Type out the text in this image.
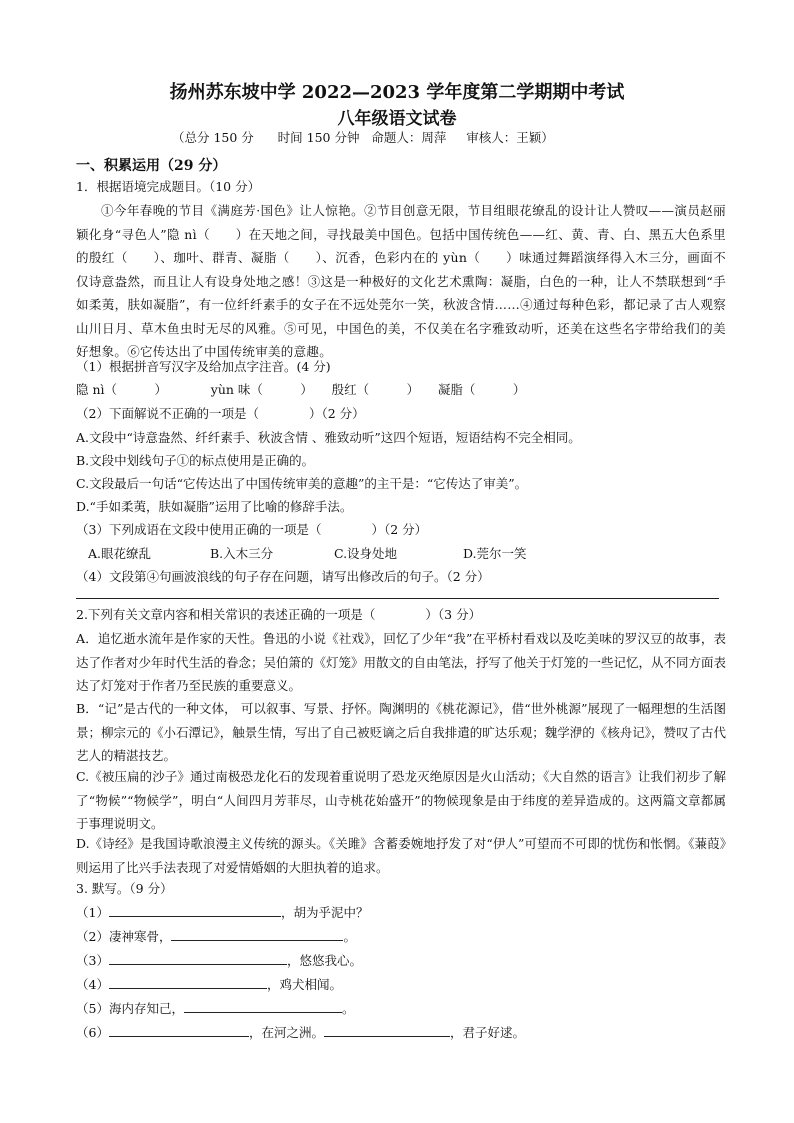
扬州苏东坡中学 2022—2023 学年度第二学期期中考试
八年级语文试卷
（总分 150 分      时间 150 分钟   命题人：周萍     审核人：王颖）
一、积累运用（29 分）
1．根据语境完成题目。（10 分）
①今年春晚的节目《满庭芳·国色》让人惊艳。②节目创意无限，节目组眼花缭乱的设计让人赞叹——演员赵丽颖化身“寻色人”隐 nì（　　）在天地之间，寻找最美中国色。包括中国传统色——红、黄、青、白、黑五大色系里的殷红（　　）、珈叶、群青、凝脂（　　）、沉香，色彩内在的 yùn（　　）味通过舞蹈演绎得入木三分，画面不仅诗意盎然，而且让人有设身处地之感！③这是一种极好的文化艺术熏陶：凝脂，白色的一种，让人不禁联想到“手如柔荑，肤如凝脂”，有一位纤纤素手的女子在不远处莞尔一笑，秋波含情……④通过每种色彩，都记录了古人观察山川日月、草木鱼虫时无尽的风雅。⑤可见，中国色的美，不仅美在名字雅致动听，还美在这些名字带给我们的美好想象。⑥它传达出了中国传统审美的意趣。
（1）根据拼音写汉字及给加点字注音。(4 分)
隐 nì（　　　）　　　　yùn 味（　　　）　　殷红（　　　）　　凝脂（　　　）
（2）下面解说不正确的一项是（　　　　）（2 分）
A.文段中“诗意盎然、纤纤素手、秋波含情 、雅致动听”这四个短语，短语结构不完全相同。
B.文段中划线句子①的标点使用是正确的。
C.文段最后一句话“它传达出了中国传统审美的意趣”的主干是：“它传达了审美”。
D.“手如柔荑，肤如凝脂”运用了比喻的修辞手法。
（3）下列成语在文段中使用正确的一项是（　　　　）（2 分）
A.眼花缭乱	B.入木三分	C.设身处地	D.莞尔一笑
（4）文段第④句画波浪线的句子存在问题，请写出修改后的句子。（2 分）
2.下列有关文章内容和相关常识的表述正确的一项是（　　　　）（3 分）
A．追忆逝水流年是作家的天性。鲁迅的小说《社戏》，回忆了少年“我”在平桥村看戏以及吃美味的罗汉豆的故事，表达了作者对少年时代生活的眷念；吴伯箫的《灯笼》用散文的自由笔法，抒写了他关于灯笼的一些记忆，从不同方面表达了灯笼对于作者乃至民族的重要意义。
B．“记”是古代的一种文体， 可以叙事、写景、抒怀。陶渊明的《桃花源记》，借“世外桃源”展现了一幅理想的生活图景；柳宗元的《小石潭记》，触景生情，写出了自己被贬谪之后自我排遣的旷达乐观；魏学洢的《核舟记》，赞叹了古代艺人的精湛技艺。
C.《被压扁的沙子》通过南极恐龙化石的发现着重说明了恐龙灭绝原因是火山活动；《大自然的语言》让我们初步了解了“物候”“物候学”，明白“人间四月芳菲尽，山寺桃花始盛开”的物候现象是由于纬度的差异造成的。这两篇文章都属于事理说明文。
D.《诗经》是我国诗歌浪漫主义传统的源头。《关雎》含蓄委婉地抒发了对“伊人”可望而不可即的忧伤和怅惘。《蒹葭》则运用了比兴手法表现了对爱情婚姻的大胆执着的追求。
3. 默写。（9 分）
（1）	，胡为乎泥中？
（2）凄神寒骨，	。
（3）	，悠悠我心。
（4）	，鸡犬相闻。
（5）海内存知己，	。
（6）	，在河之洲。	，君子好逑。
